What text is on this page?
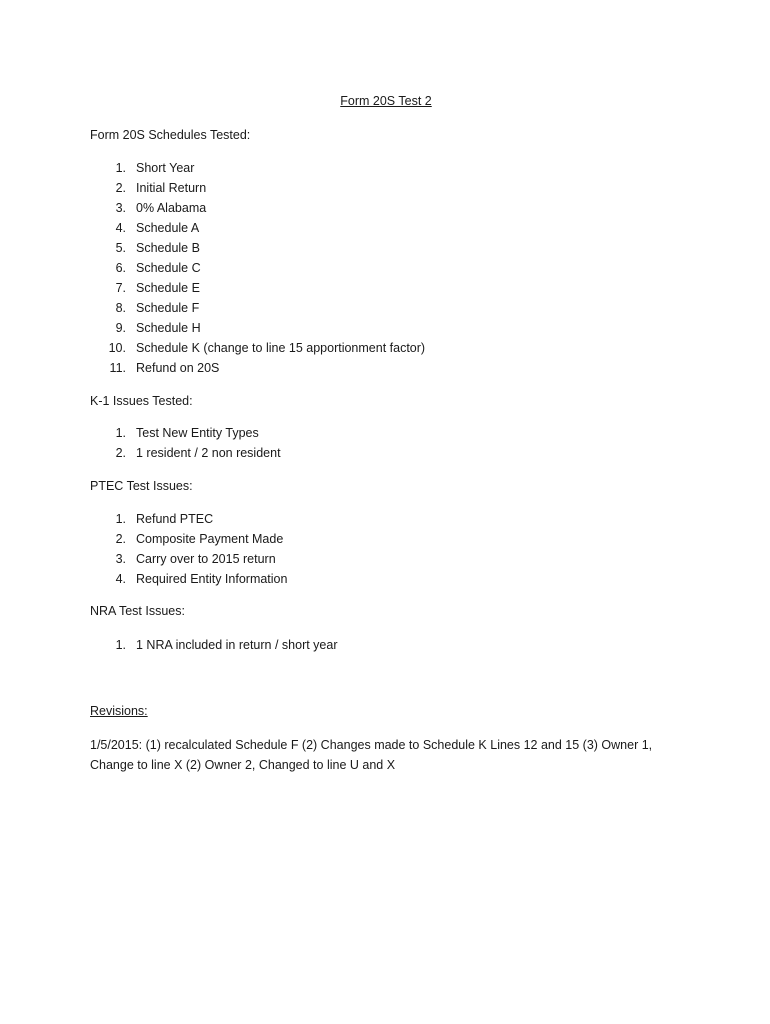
Form 20S Test 2
Form 20S Schedules Tested:
1. Short Year
2. Initial Return
3. 0% Alabama
4. Schedule A
5. Schedule B
6. Schedule C
7. Schedule E
8. Schedule F
9. Schedule H
10. Schedule K (change to line 15 apportionment factor)
11. Refund on 20S
K-1 Issues Tested:
1. Test New Entity Types
2. 1 resident / 2 non resident
PTEC Test Issues:
1. Refund PTEC
2. Composite Payment Made
3. Carry over to 2015 return
4. Required Entity Information
NRA Test Issues:
1. 1 NRA included in return / short year
Revisions:
1/5/2015: (1) recalculated Schedule F (2) Changes made to Schedule K Lines 12 and 15 (3) Owner 1, Change to line X (2) Owner 2, Changed to line U and X
